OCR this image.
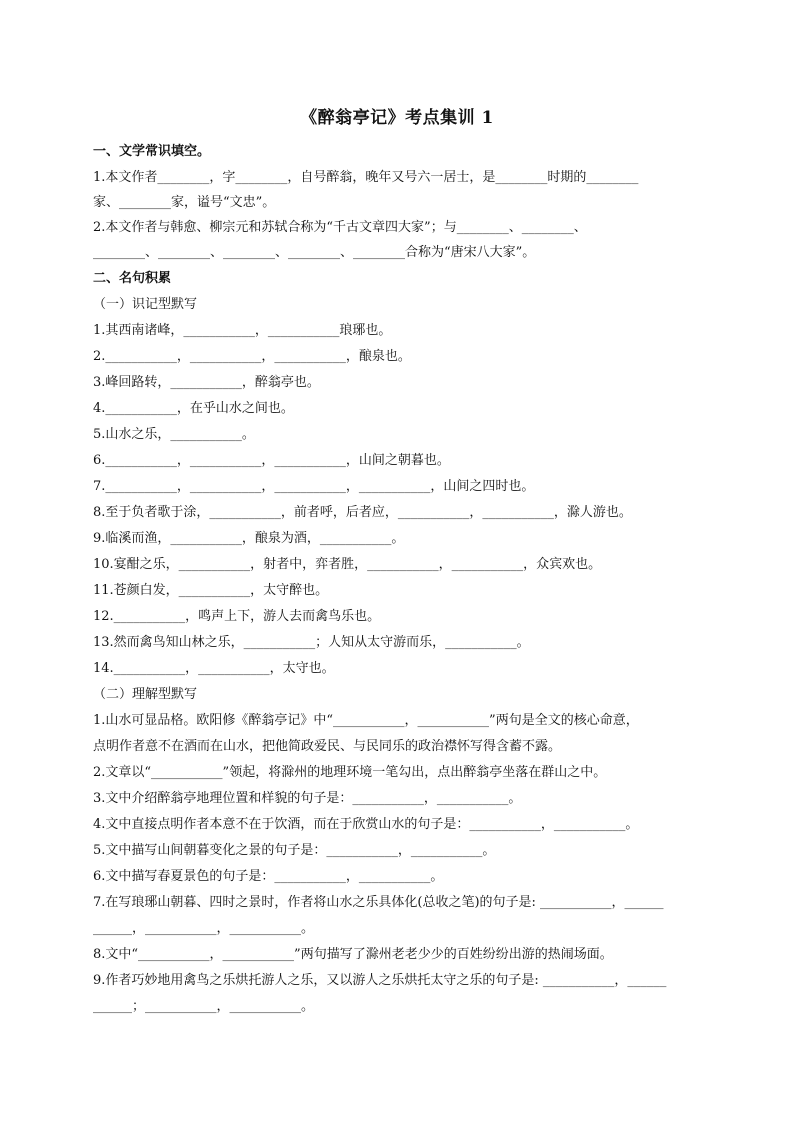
《醉翁亭记》考点集训 1
一、文学常识填空。
1.本文作者________，字________，自号醉翁，晚年又号六一居士，是________时期的________
家、________家，谥号“文忠”。
2.本文作者与韩愈、柳宗元和苏轼合称为“千古文章四大家”；与________、________、
________、________、________、________、________合称为“唐宋八大家”。
二、名句积累
（一）识记型默写
1.其西南诸峰，___________，___________琅琊也。
2.___________，___________，___________，酿泉也。
3.峰回路转，___________，醉翁亭也。
4.___________，在乎山水之间也。
5.山水之乐，___________。
6.___________，___________，___________，山间之朝暮也。
7.___________，___________，___________，___________，山间之四时也。
8.至于负者歌于涂，___________，前者呼，后者应，___________，___________，滁人游也。
9.临溪而渔，___________，酿泉为酒，___________。
10.宴酣之乐，___________，射者中，弈者胜，___________，___________，众宾欢也。
11.苍颜白发，___________，太守醉也。
12.___________，鸣声上下，游人去而禽鸟乐也。
13.然而禽鸟知山林之乐，___________；人知从太守游而乐，___________。
14.___________，___________，太守也。
（二）理解型默写
1.山水可显品格。欧阳修《醉翁亭记》中“___________，___________”两句是全文的核心命意，
点明作者意不在酒而在山水，把他简政爱民、与民同乐的政治襟怀写得含蓄不露。
2.文章以“___________”领起，将滁州的地理环境一笔勾出，点出醉翁亭坐落在群山之中。
3.文中介绍醉翁亭地理位置和样貌的句子是：___________，___________。
4.文中直接点明作者本意不在于饮酒，而在于欣赏山水的句子是：___________，___________。
5.文中描写山间朝暮变化之景的句子是：___________，___________。
6.文中描写春夏景色的句子是：___________，___________。
7.在写琅琊山朝暮、四时之景时，作者将山水之乐具体化(总收之笔)的句子是: ___________，______
______，___________，___________。
8.文中“___________，___________”两句描写了滁州老老少少的百姓纷纷出游的热闹场面。
9.作者巧妙地用禽鸟之乐烘托游人之乐，又以游人之乐烘托太守之乐的句子是: ___________，______
______；___________，___________。
